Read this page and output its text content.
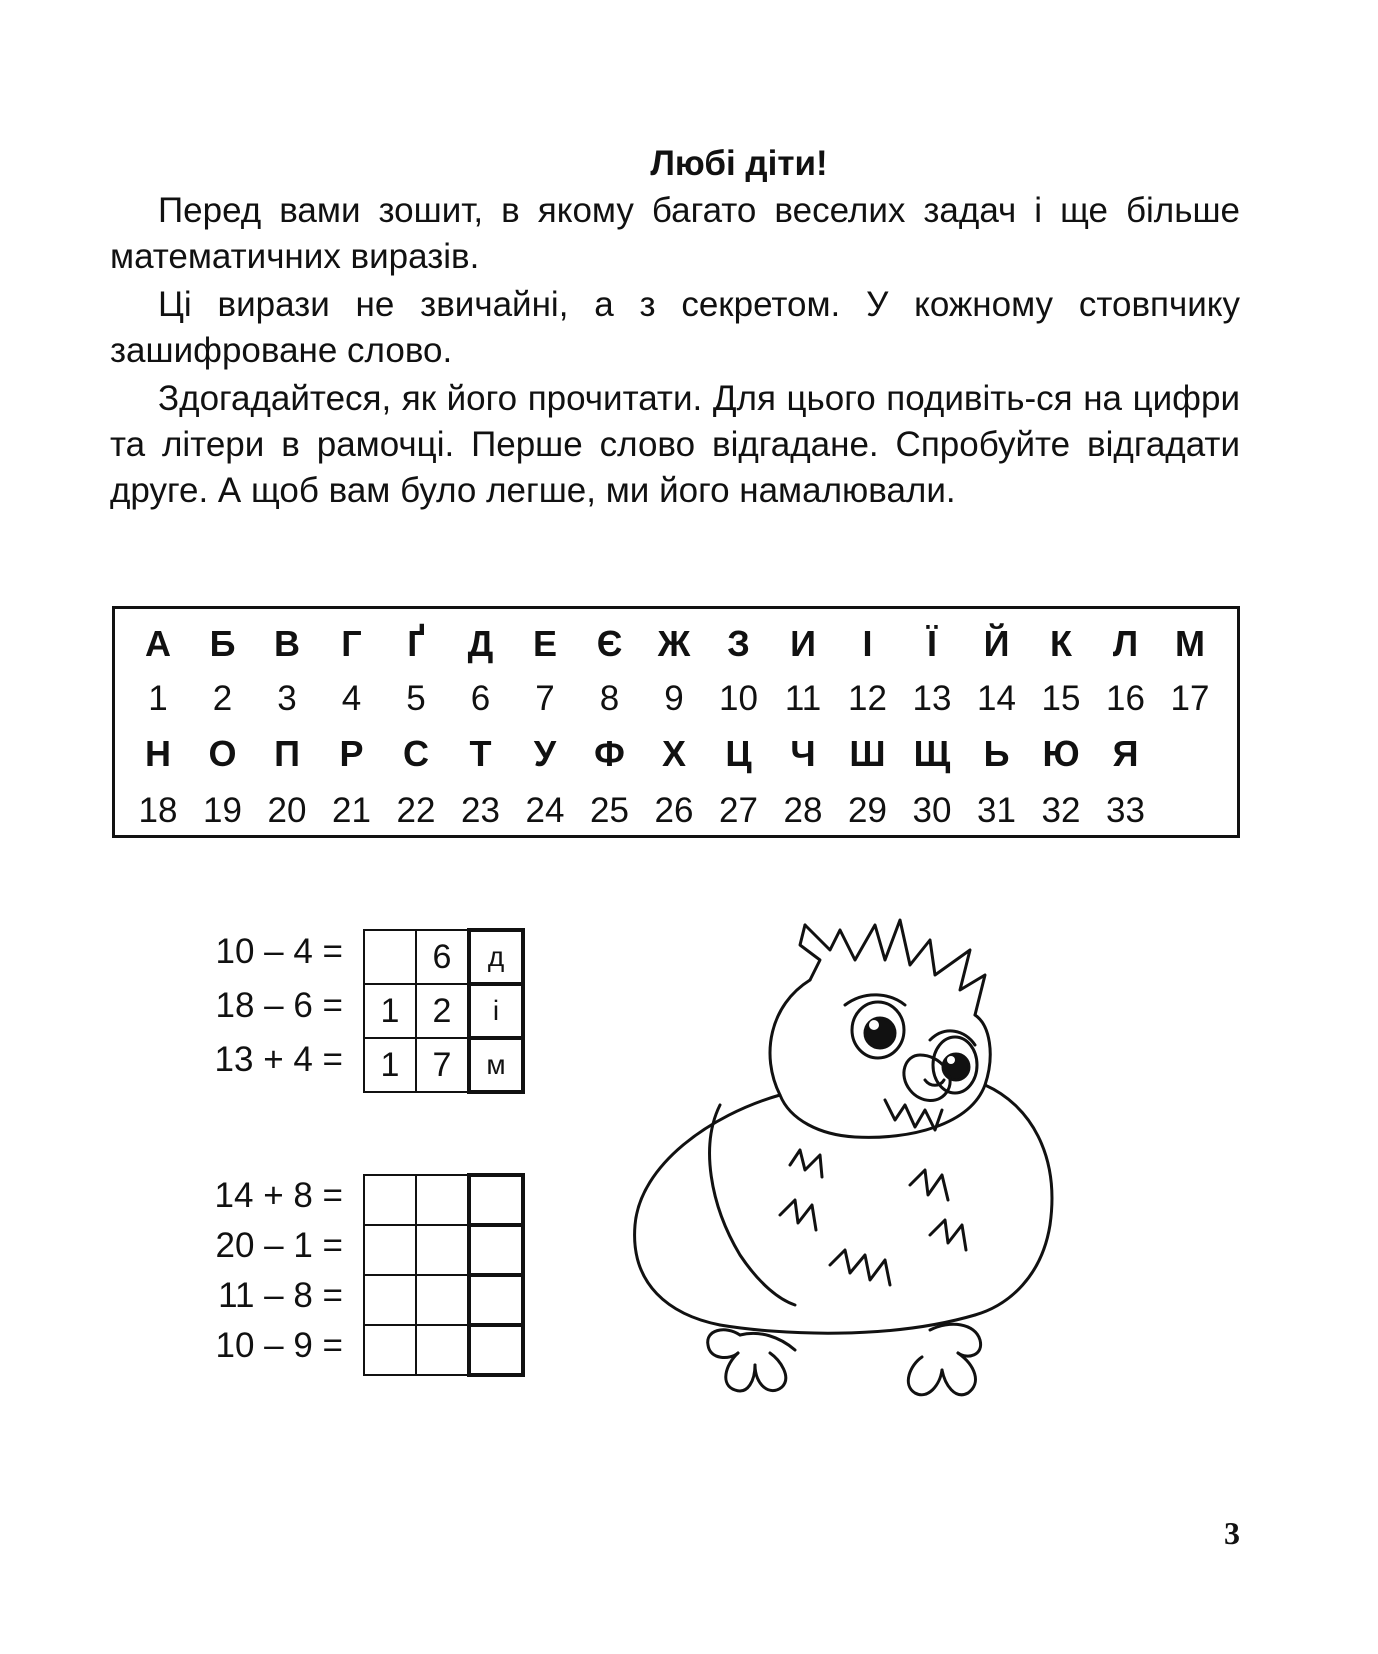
Любі діти!

Перед вами зошит, в якому багато веселих задач і ще більше математичних виразів.

Ці вирази не звичайні, а з секретом. У кожному стовпчику зашифроване слово.

Здогадайтеся, як його прочитати. Для цього подивіть-ся на цифри та літери в рамочці. Перше слово відгадане. Спробуйте відгадати друге. А щоб вам було легше, ми його намалювали.

А	Б	В	Г	Ґ	Д	Е	Є Ж	З	И	І	Ї	Й	К	Л	М
1	2	3	4	5	6	7	8	9	10 11 12 13 14 15 16 17
Н	О	П	Р	С	Т	У	Ф	Х	Ц	Ч Ш Щ Ь Ю Я
18 19 20 21 22 23 24 25 26 27 28 29 30 31 32 33
10 – 4 =
18 – 6 =
13 + 4 =
	6	д
1	2	і
1	7	м
14 + 8 =
20 – 1 =
11 – 8 =
10 – 9 =

3
